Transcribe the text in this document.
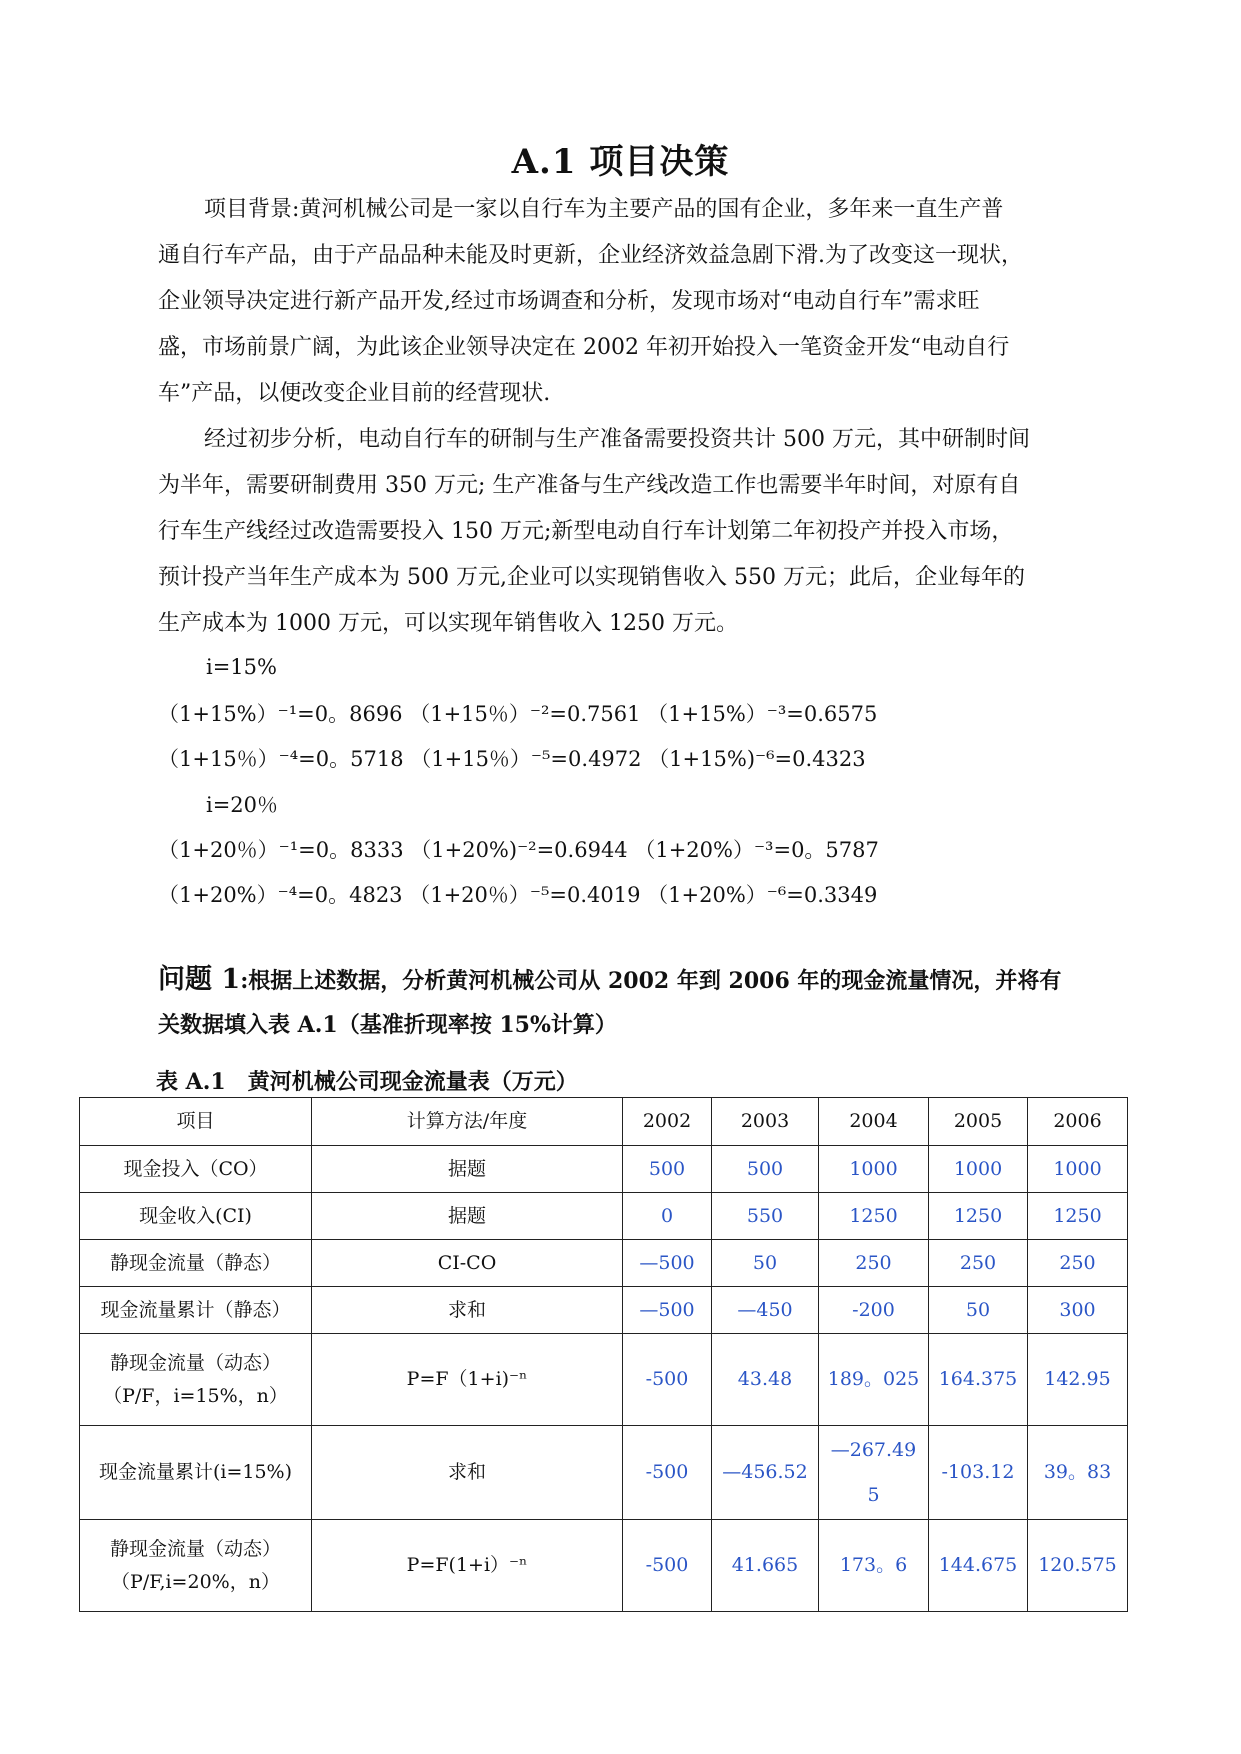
A.1 项目决策
项目背景:黄河机械公司是一家以自行车为主要产品的国有企业，多年来一直生产普
通自行车产品，由于产品品种未能及时更新，企业经济效益急剧下滑.为了改变这一现状，
企业领导决定进行新产品开发,经过市场调查和分析，发现市场对“电动自行车”需求旺
盛，市场前景广阔，为此该企业领导决定在 2002 年初开始投入一笔资金开发“电动自行
车”产品，以便改变企业目前的经营现状.
经过初步分析，电动自行车的研制与生产准备需要投资共计 500 万元，其中研制时间
为半年，需要研制费用 350 万元; 生产准备与生产线改造工作也需要半年时间，对原有自
行车生产线经过改造需要投入 150 万元;新型电动自行车计划第二年初投产并投入市场，
预计投产当年生产成本为 500 万元,企业可以实现销售收入 550 万元；此后，企业每年的
生产成本为 1000 万元，可以实现年销售收入 1250 万元。
i=15%
（1+15%）⁻¹=0。8696 （1+15％）⁻²=0.7561 （1+15%）⁻³=0.6575
（1+15％）⁻⁴=0。5718 （1+15％）⁻⁵=0.4972 （1+15%)⁻⁶=0.4323
i=20％
（1+20％）⁻¹=0。8333 （1+20%)⁻²=0.6944 （1+20%）⁻³=0。5787
（1+20%）⁻⁴=0。4823 （1+20％）⁻⁵=0.4019 （1+20%）⁻⁶=0.3349
问题 1:根据上述数据，分析黄河机械公司从 2002 年到 2006 年的现金流量情况，并将有
关数据填入表 A.1（基准折现率按 15%计算）
表 A.1　黄河机械公司现金流量表（万元）
项目	计算方法/年度	2002	2003	2004	2005	2006
现金投入（CO）	据题	500	500	1000	1000	1000
现金收入(CI)	据题	0	550	1250	1250	1250
静现金流量（静态）	CI-CO	—500	50	250	250	250
现金流量累计（静态）	求和	—500	—450	-200	50	300

静现金流量（动态）
（P/F，i=15%，n）	P=F（1+i)⁻ⁿ	-500	43.48	189。025	164.375	142.95
现金流量累计(i=15%)	求和	-500	—456.52	—267.495	-103.12	39。83

静现金流量（动态）
（P/F,i=20%，n）	P=F(1+i）⁻ⁿ	-500	41.665	173。6	144.675	120.575
